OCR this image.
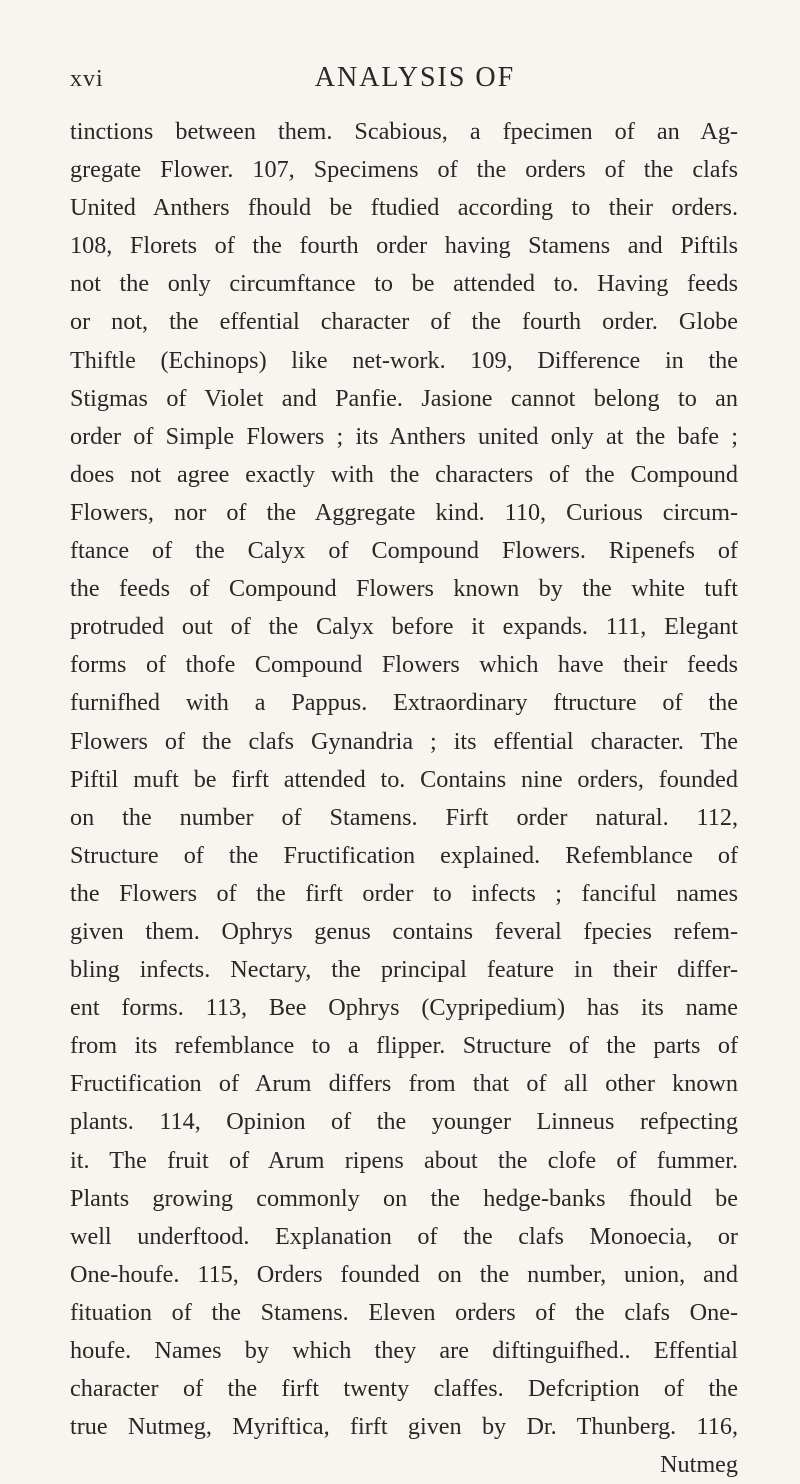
xvi	ANALYSIS OF
tinctions between them. Scabious, a fpecimen of an Ag-
gregate Flower. 107, Specimens of the orders of the clafs
United Anthers fhould be ftudied according to their orders.
108, Florets of the fourth order having Stamens and Piftils
not the only circumftance to be attended to. Having feeds
or not, the effential character of the fourth order. Globe
Thiftle (Echinops) like net-work. 109, Difference in the
Stigmas of Violet and Panfie. Jasione cannot belong to an
order of Simple Flowers ; its Anthers united only at the bafe ;
does not agree exactly with the characters of the Compound
Flowers, nor of the Aggregate kind. 110, Curious circum-
ftance of the Calyx of Compound Flowers. Ripenefs of
the feeds of Compound Flowers known by the white tuft
protruded out of the Calyx before it expands. 111, Elegant
forms of thofe Compound Flowers which have their feeds
furnifhed with a Pappus. Extraordinary ftructure of the
Flowers of the clafs Gynandria ; its effential character. The
Piftil muft be firft attended to. Contains nine orders, founded
on the number of Stamens. Firft order natural. 112,
Structure of the Fructification explained. Refemblance of
the Flowers of the firft order to infects ; fanciful names
given them. Ophrys genus contains feveral fpecies refem-
bling infects. Nectary, the principal feature in their differ-
ent forms. 113, Bee Ophrys (Cypripedium) has its name
from its refemblance to a flipper. Structure of the parts of
Fructification of Arum differs from that of all other known
plants. 114, Opinion of the younger Linneus refpecting
it. The fruit of Arum ripens about the clofe of fummer.
Plants growing commonly on the hedge-banks fhould be
well underftood. Explanation of the clafs Monoecia, or
One-houfe. 115, Orders founded on the number, union, and
fituation of the Stamens. Eleven orders of the clafs One-
houfe. Names by which they are diftinguifhed.. Effential
character of the firft twenty claffes. Defcription of the
true Nutmeg, Myriftica, firft given by Dr. Thunberg. 116,
Nutmeg
